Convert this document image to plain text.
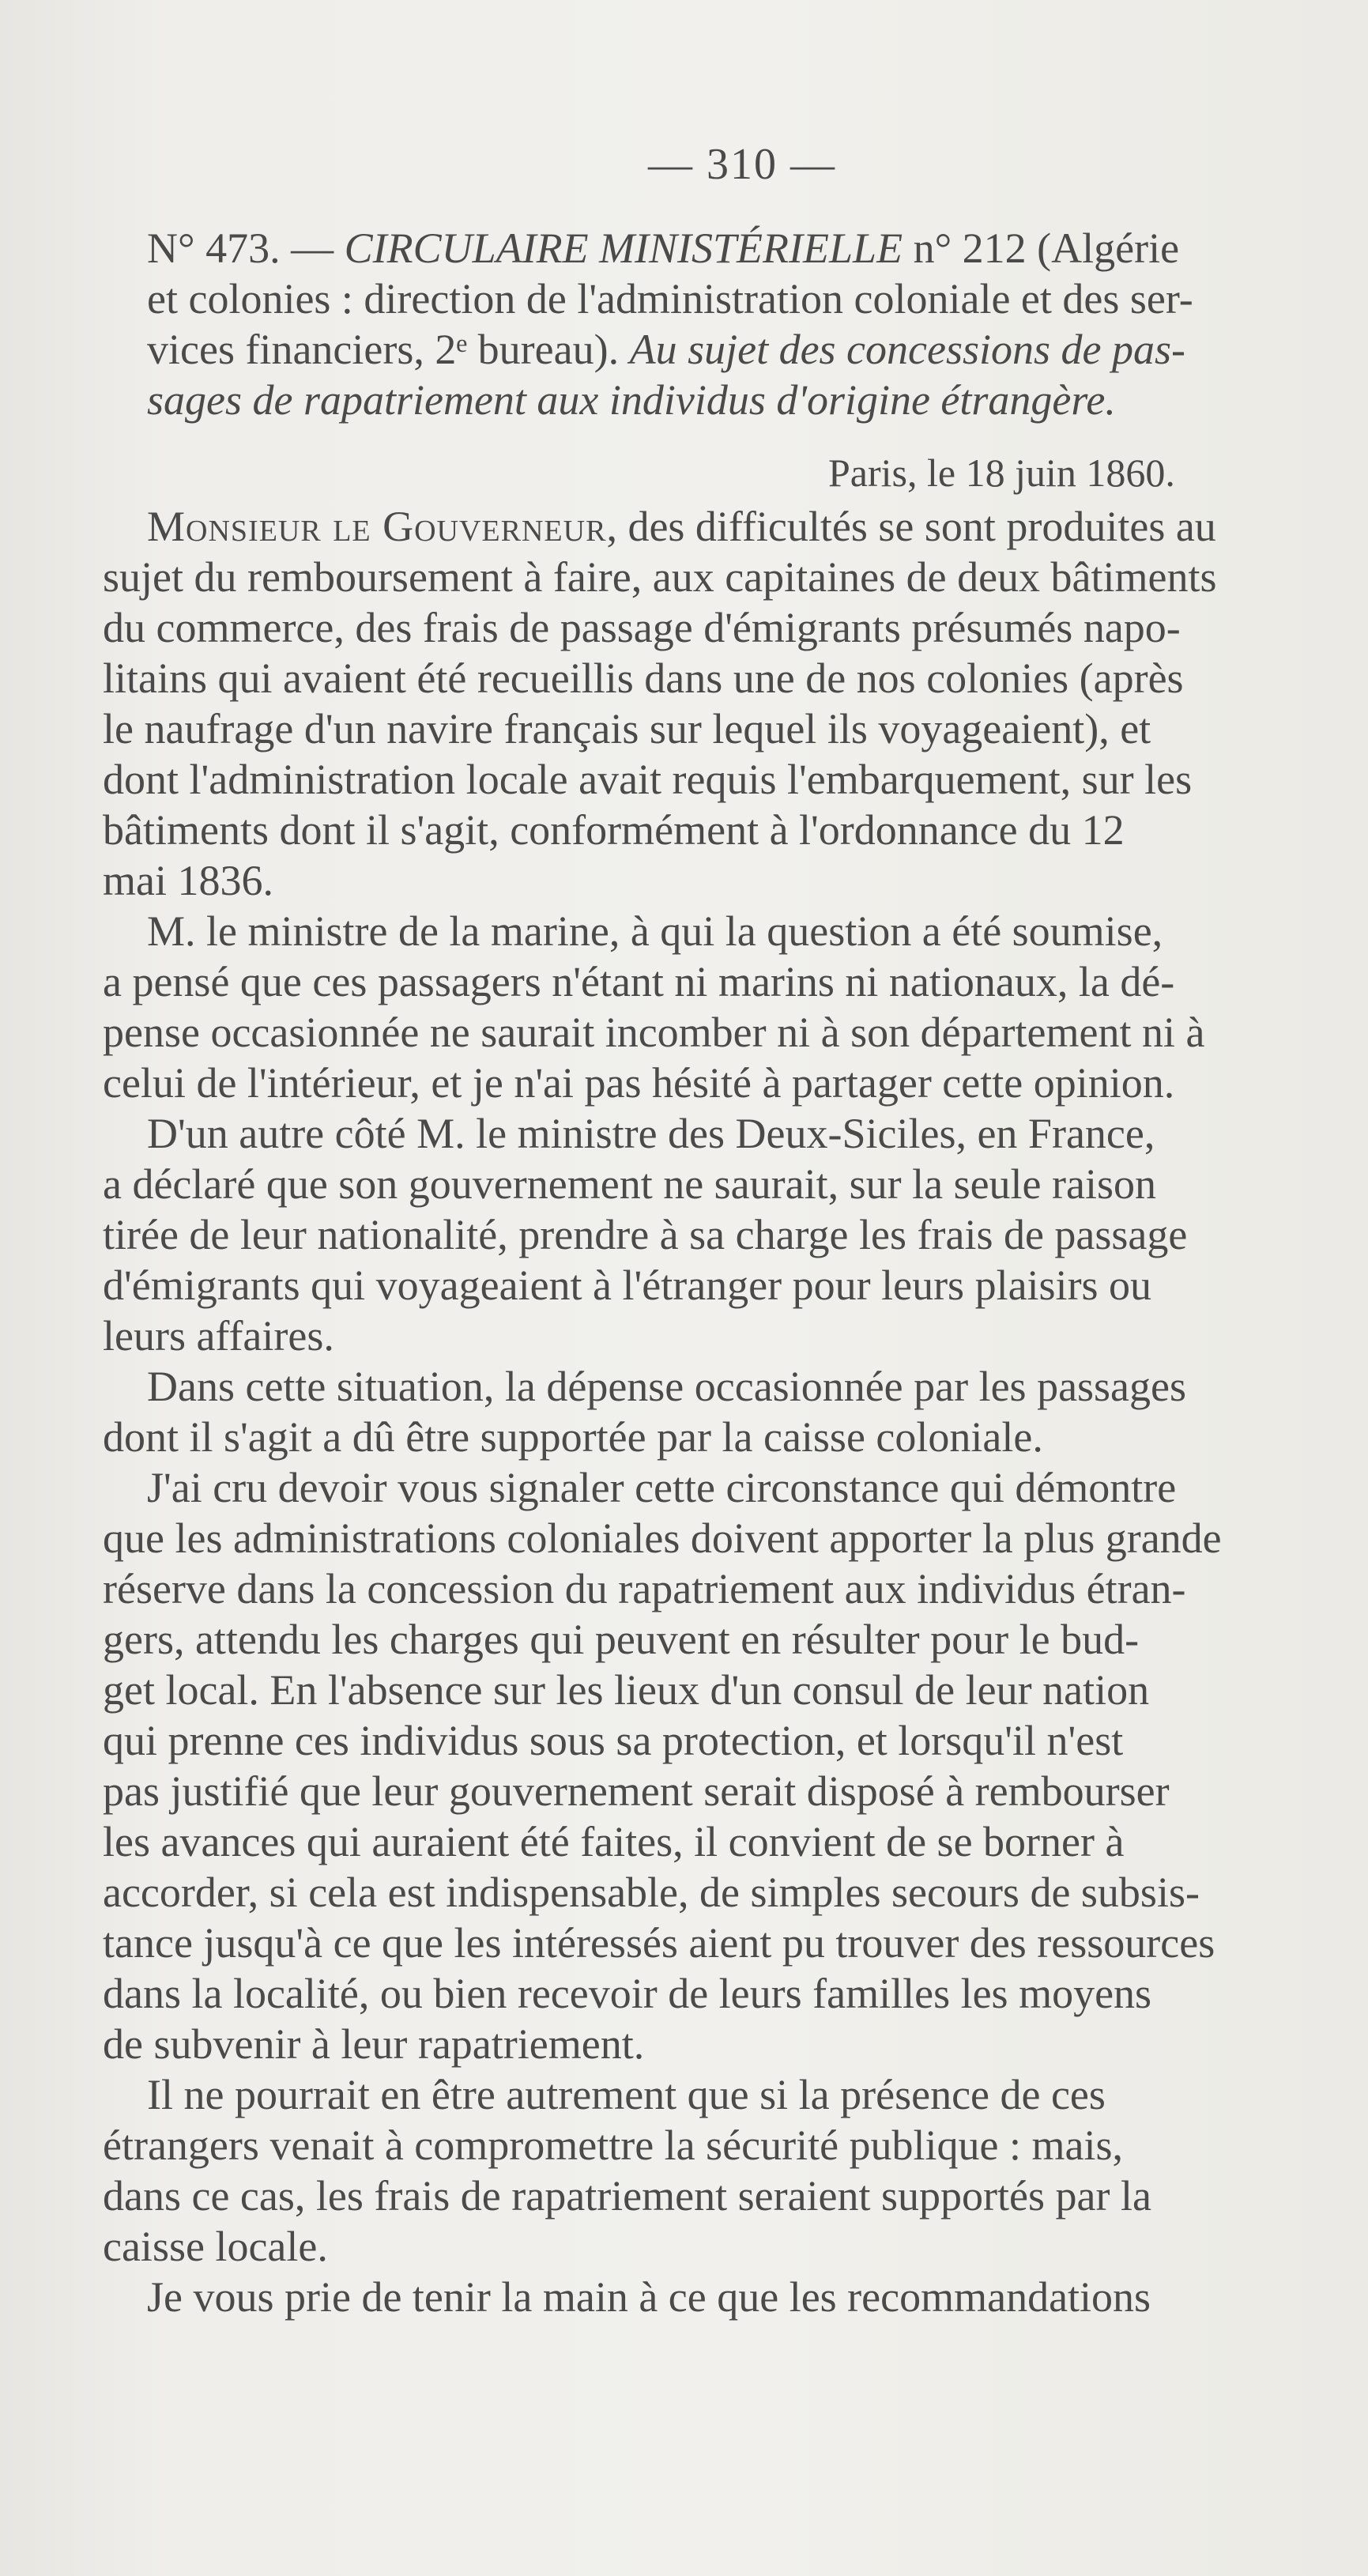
— 310 —
N° 473. — CIRCULAIRE MINISTÉRIELLE n° 212 (Algérie
et colonies : direction de l'administration coloniale et des ser-
vices financiers, 2ᵉ bureau). Au sujet des concessions de pas-
sages de rapatriement aux individus d'origine étrangère.
Paris, le 18 juin 1860.
Monsieur le Gouverneur, des difficultés se sont produites au
sujet du remboursement à faire, aux capitaines de deux bâtiments
du commerce, des frais de passage d'émigrants présumés napo-
litains qui avaient été recueillis dans une de nos colonies (après
le naufrage d'un navire français sur lequel ils voyageaient), et
dont l'administration locale avait requis l'embarquement, sur les
bâtiments dont il s'agit, conformément à l'ordonnance du 12
mai 1836.
M. le ministre de la marine, à qui la question a été soumise,
a pensé que ces passagers n'étant ni marins ni nationaux, la dé-
pense occasionnée ne saurait incomber ni à son département ni à
celui de l'intérieur, et je n'ai pas hésité à partager cette opinion.
D'un autre côté M. le ministre des Deux-Siciles, en France,
a déclaré que son gouvernement ne saurait, sur la seule raison
tirée de leur nationalité, prendre à sa charge les frais de passage
d'émigrants qui voyageaient à l'étranger pour leurs plaisirs ou
leurs affaires.
Dans cette situation, la dépense occasionnée par les passages
dont il s'agit a dû être supportée par la caisse coloniale.
J'ai cru devoir vous signaler cette circonstance qui démontre
que les administrations coloniales doivent apporter la plus grande
réserve dans la concession du rapatriement aux individus étran-
gers, attendu les charges qui peuvent en résulter pour le bud-
get local. En l'absence sur les lieux d'un consul de leur nation
qui prenne ces individus sous sa protection, et lorsqu'il n'est
pas justifié que leur gouvernement serait disposé à rembourser
les avances qui auraient été faites, il convient de se borner à
accorder, si cela est indispensable, de simples secours de subsis-
tance jusqu'à ce que les intéressés aient pu trouver des ressources
dans la localité, ou bien recevoir de leurs familles les moyens
de subvenir à leur rapatriement.
Il ne pourrait en être autrement que si la présence de ces
étrangers venait à compromettre la sécurité publique : mais,
dans ce cas, les frais de rapatriement seraient supportés par la
caisse locale.
Je vous prie de tenir la main à ce que les recommandations
